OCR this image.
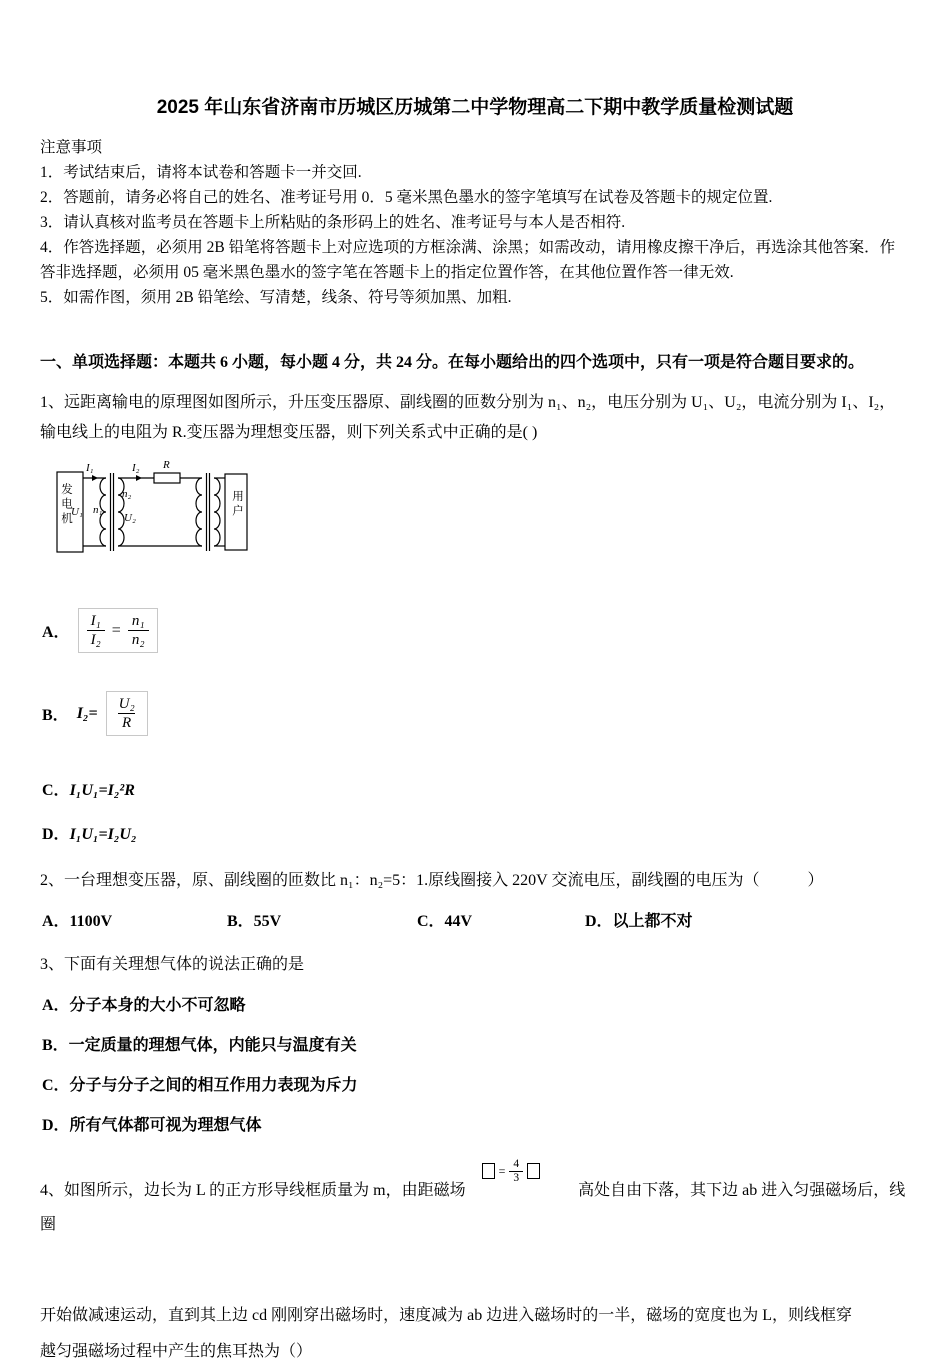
2025 年山东省济南市历城区历城第二中学物理高二下期中教学质量检测试题

注意事项

1．考试结束后，请将本试卷和答题卡一并交回.

2．答题前，请务必将自己的姓名、准考证号用 0．5 毫米黑色墨水的签字笔填写在试卷及答题卡的规定位置.

3．请认真核对监考员在答题卡上所粘贴的条形码上的姓名、准考证号与本人是否相符.

4．作答选择题，必须用 2B 铅笔将答题卡上对应选项的方框涂满、涂黑；如需改动，请用橡皮擦干净后，再选涂其他答案．作答非选择题，必须用 05 毫米黑色墨水的签字笔在答题卡上的指定位置作答，在其他位置作答一律无效.

5．如需作图，须用 2B 铅笔绘、写清楚，线条、符号等须加黑、加粗.

一、单项选择题：本题共 6 小题，每小题 4 分，共 24 分。在每小题给出的四个选项中，只有一项是符合题目要求的。

1、远距离输电的原理图如图所示，升压变压器原、副线圈的匝数分别为 n₁、n₂，电压分别为 U₁、U₂，电流分别为 I₁、I₂，

输电线上的电阻为 R.变压器为理想变压器，则下列关系式中正确的是( )

I₁	I₂ R
发电机 U₁ n₁
n₂
U₂	用户
A． $\frac{\text{I₁}}{\text{I₂}} = \frac{\text{n₁}}{\text{n₂}}$
B． $I_2= \frac{\text{U₂}}{R}$

C．I₁U₁=I₂²R

D．I₁U₁=I₂U₂

2、一台理想变压器，原、副线圈的匝数比 n₁：n₂=5：1.原线圈接入 220V 交流电压，副线圈的电压为（　　　）

A．1100V	B．55V	C．44V	D．以上都不对

3、下面有关理想气体的说法正确的是

A．分子本身的大小不可忽略

B．一定质量的理想气体，内能只与温度有关

C．分子与分子之间的相互作用力表现为斥力

D．所有气体都可视为理想气体

4、如图所示，边长为 L 的正方形导线框质量为 m，由距磁场
= $\frac{4}{3}$
高处自由下落，其下边 ab 进入匀强磁场后，线圈

开始做减速运动，直到其上边 cd 刚刚穿出磁场时，速度减为 ab 边进入磁场时的一半，磁场的宽度也为 L，则线框穿

越匀强磁场过程中产生的焦耳热为（）
